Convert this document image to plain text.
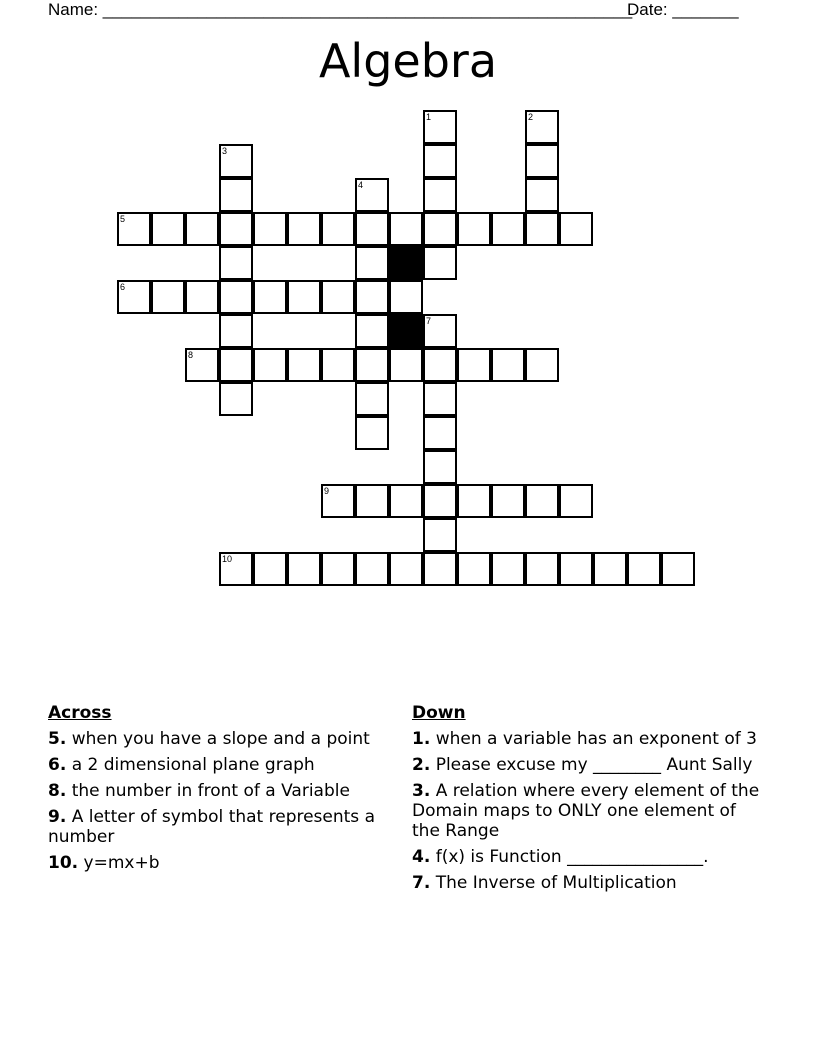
Name: ________________________________________________________
Date: _______
Algebra
1	2
3
4
5
6
7
8
9
10
Across
5. when you have a slope and a point
6. a 2 dimensional plane graph
8. the number in front of a Variable
9. A letter of symbol that represents a number
10. y=mx+b
Down
1. when a variable has an exponent of 3
2. Please excuse my ________ Aunt Sally
3. A relation where every element of the Domain maps to ONLY one element of the Range
4. f(x) is Function ________________.
7. The Inverse of Multiplication
